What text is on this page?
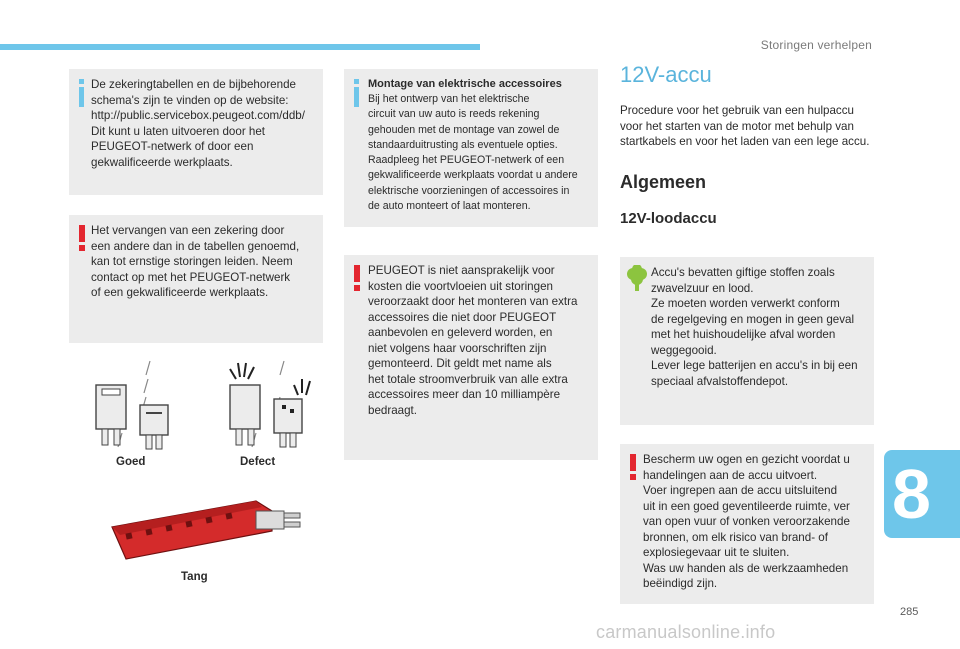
Storingen verhelpen

De zekeringtabellen en de bijbehorende
schema's zijn te vinden op de website:
http://public.servicebox.peugeot.com/ddb/
Dit kunt u laten uitvoeren door het
PEUGEOT-netwerk of door een
gekwalificeerde werkplaats.

Het vervangen van een zekering door
een andere dan in de tabellen genoemd,
kan tot ernstige storingen leiden. Neem
contact op met het PEUGEOT-netwerk
of een gekwalificeerde werkplaats.

Goed	Defect
Tang
Montage van elektrische accessoires

Bij het ontwerp van het elektrische
circuit van uw auto is reeds rekening
gehouden met de montage van zowel de
standaarduitrusting als eventuele opties.
Raadpleeg het PEUGEOT-netwerk of een
gekwalificeerde werkplaats voordat u andere
elektrische voorzieningen of accessoires in
de auto monteert of laat monteren.

PEUGEOT is niet aansprakelijk voor
kosten die voortvloeien uit storingen
veroorzaakt door het monteren van extra
accessoires die niet door PEUGEOT
aanbevolen en geleverd worden, en
niet volgens haar voorschriften zijn
gemonteerd. Dit geldt met name als
het totale stroomverbruik van alle extra
accessoires meer dan 10 milliampère
bedraagt.

12V-accu

Procedure voor het gebruik van een hulpaccu
voor het starten van de motor met behulp van
startkabels en voor het laden van een lege accu.

Algemeen
12V-loodaccu

Accu's bevatten giftige stoffen zoals
zwavelzuur en lood.
Ze moeten worden verwerkt conform
de regelgeving en mogen in geen geval
met het huishoudelijke afval worden
weggegooid.
Lever lege batterijen en accu's in bij een
speciaal afvalstoffendepot.

Bescherm uw ogen en gezicht voordat u
handelingen aan de accu uitvoert.
Voer ingrepen aan de accu uitsluitend
uit in een goed geventileerde ruimte, ver
van open vuur of vonken veroorzakende
bronnen, om elk risico van brand- of
explosiegevaar uit te sluiten.
Was uw handen als de werkzaamheden
beëindigd zijn.

8
285
carmanualsonline.info
